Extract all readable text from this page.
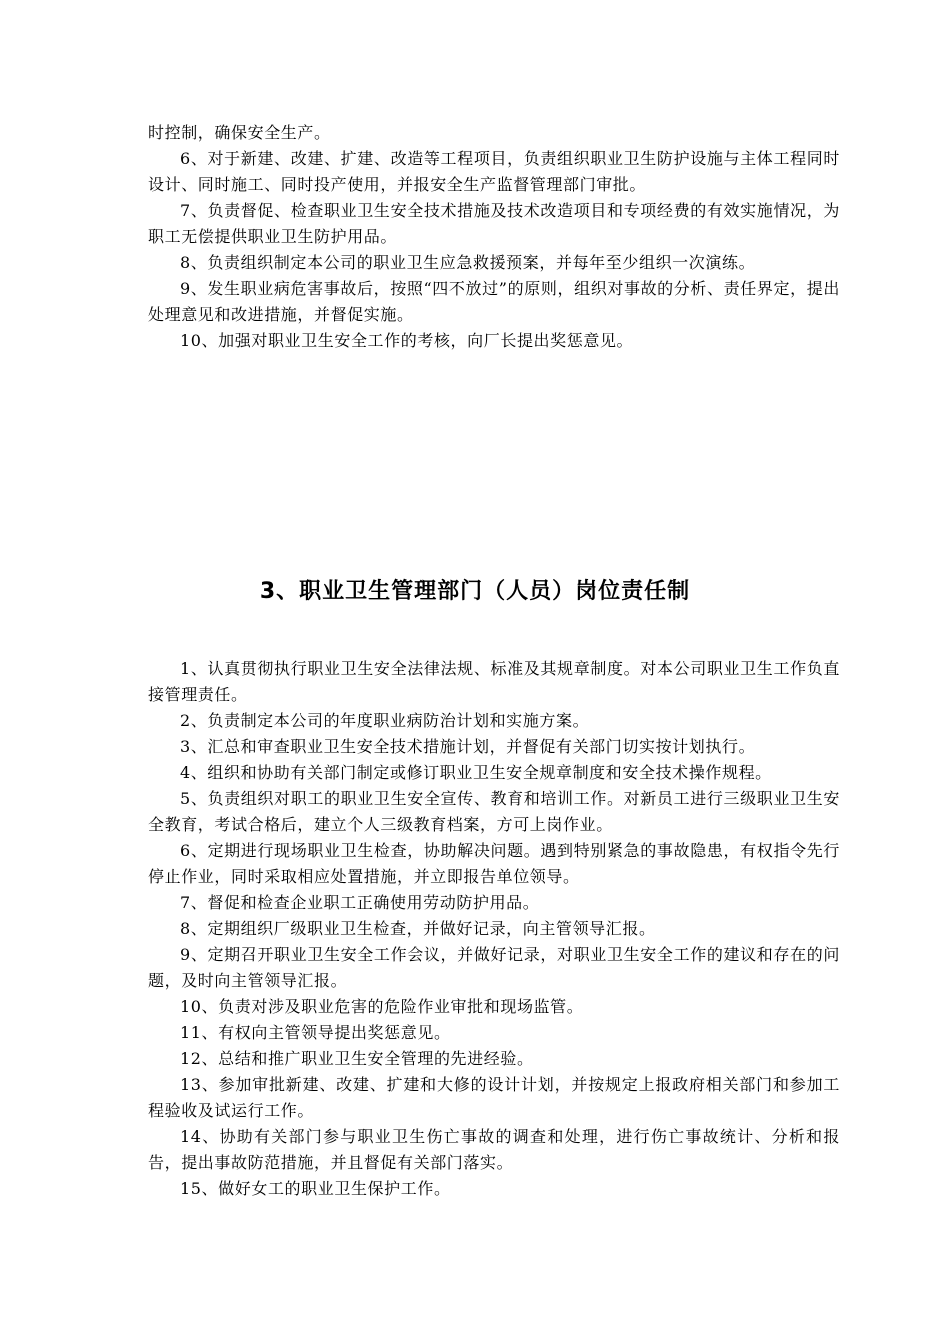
时控制，确保安全生产。

6、对于新建、改建、扩建、改造等工程项目，负责组织职业卫生防护设施与主体工程同时设计、同时施工、同时投产使用，并报安全生产监督管理部门审批。

7、负责督促、检查职业卫生安全技术措施及技术改造项目和专项经费的有效实施情况，为职工无偿提供职业卫生防护用品。

8、负责组织制定本公司的职业卫生应急救援预案，并每年至少组织一次演练。

9、发生职业病危害事故后，按照“四不放过”的原则，组织对事故的分析、责任界定，提出处理意见和改进措施，并督促实施。

10、加强对职业卫生安全工作的考核，向厂长提出奖惩意见。

3、职业卫生管理部门（人员）岗位责任制

1、认真贯彻执行职业卫生安全法律法规、标准及其规章制度。对本公司职业卫生工作负直接管理责任。

2、负责制定本公司的年度职业病防治计划和实施方案。

3、汇总和审查职业卫生安全技术措施计划，并督促有关部门切实按计划执行。

4、组织和协助有关部门制定或修订职业卫生安全规章制度和安全技术操作规程。

5、负责组织对职工的职业卫生安全宣传、教育和培训工作。对新员工进行三级职业卫生安全教育，考试合格后，建立个人三级教育档案，方可上岗作业。

6、定期进行现场职业卫生检查，协助解决问题。遇到特别紧急的事故隐患，有权指令先行停止作业，同时采取相应处置措施，并立即报告单位领导。

7、督促和检查企业职工正确使用劳动防护用品。

8、定期组织厂级职业卫生检查，并做好记录，向主管领导汇报。

9、定期召开职业卫生安全工作会议，并做好记录，对职业卫生安全工作的建议和存在的问题，及时向主管领导汇报。

10、负责对涉及职业危害的危险作业审批和现场监管。

11、有权向主管领导提出奖惩意见。

12、总结和推广职业卫生安全管理的先进经验。

13、参加审批新建、改建、扩建和大修的设计计划，并按规定上报政府相关部门和参加工程验收及试运行工作。

14、协助有关部门参与职业卫生伤亡事故的调查和处理，进行伤亡事故统计、分析和报告，提出事故防范措施，并且督促有关部门落实。

15、做好女工的职业卫生保护工作。
